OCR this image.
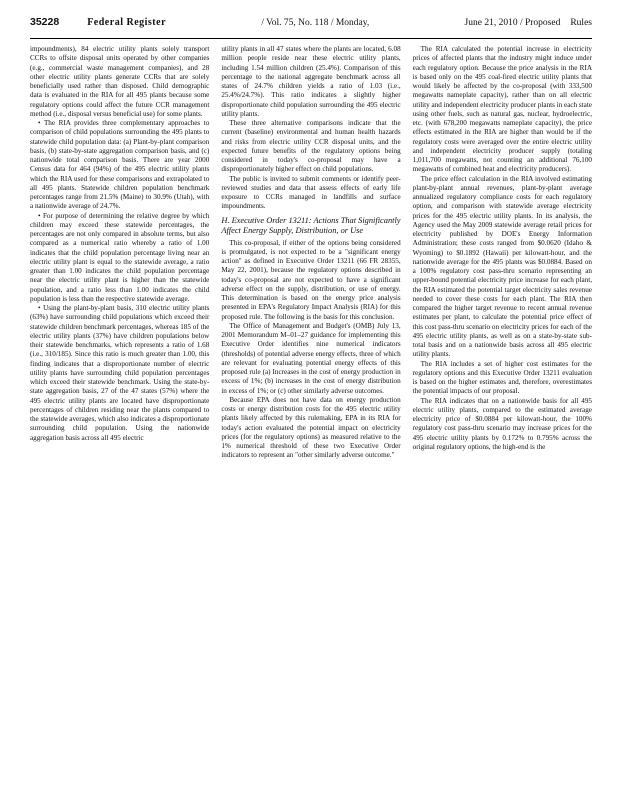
35228	Federal Register	/ Vol. 75, No. 118 / Monday,	June 21, 2010 / Proposed Rules

impoundments), 84 electric utility plants solely transport CCRs to offsite disposal units operated by other companies (e.g., commercial waste management companies), and 28 other electric utility plants generate CCRs that are solely beneficially used rather than disposed. Child demographic data is evaluated in the RIA for all 495 plants because some regulatory options could affect the future CCR management method (i.e., disposal versus beneficial use) for some plants.

• The RIA provides three complementary approaches to comparison of child populations surrounding the 495 plants to statewide child population data: (a) Plant-by-plant comparison basis, (b) state-by-state aggregation comparison basis, and (c) nationwide total comparison basis. There are year 2000 Census data for 464 (94%) of the 495 electric utility plants which the RIA used for these comparisons and extrapolated to all 495 plants. Statewide children population benchmark percentages range from 21.5% (Maine) to 30.9% (Utah), with a nationwide average of 24.7%.

• For purpose of determining the relative degree by which children may exceed these statewide percentages, the percentages are not only compared in absolute terms, but also compared as a numerical ratio whereby a ratio of 1.00 indicates that the child population percentage living near an electric utility plant is equal to the statewide average, a ratio greater than 1.00 indicates the child population percentage near the electric utility plant is higher than the statewide population, and a ratio less than 1.00 indicates the child population is less than the respective statewide average.

• Using the plant-by-plant basis, 310 electric utility plants (63%) have surrounding child populations which exceed their statewide children benchmark percentages, whereas 185 of the electric utility plants (37%) have children populations below their statewide benchmarks, which represents a ratio of 1.68 (i.e., 310/185). Since this ratio is much greater than 1.00, this finding indicates that a disproportionate number of electric utility plants have surrounding child population percentages which exceed their statewide benchmark. Using the state-by-state aggregation basis, 27 of the 47 states (57%) where the 495 electric utility plants are located have disproportionate percentages of children residing near the plants compared to the statewide averages, which also indicates a disproportionate surrounding child population. Using the nationwide aggregation basis across all 495 electric

utility plants in all 47 states where the plants are located, 6.08 million people reside near these electric utility plants, including 1.54 million children (25.4%). Comparison of this percentage to the national aggregate benchmark across all states of 24.7% children yields a ratio of 1.03 (i.e., 25.4%/24.7%). This ratio indicates a slightly higher disproportionate child population surrounding the 495 electric utility plants.

These three alternative comparisons indicate that the current (baseline) environmental and human health hazards and risks from electric utility CCR disposal units, and the expected future benefits of the regulatory options being considered in today's co-proposal may have a disproportionately higher effect on child populations.

The public is invited to submit comments or identify peer-reviewed studies and data that assess effects of early life exposure to CCRs managed in landfills and surface impoundments.

H. Executive Order 13211: Actions That Significantly Affect Energy Supply, Distribution, or Use

This co-proposal, if either of the options being considered is promulgated, is not expected to be a "significant energy action" as defined in Executive Order 13211 (66 FR 28355, May 22, 2001), because the regulatory options described in today's co-proposal are not expected to have a significant adverse effect on the supply, distribution, or use of energy. This determination is based on the energy price analysis presented in EPA's Regulatory Impact Analysis (RIA) for this proposed rule. The following is the basis for this conclusion.

The Office of Management and Budget's (OMB) July 13, 2001 Memorandum M–01–27 guidance for implementing this Executive Order identifies nine numerical indicators (thresholds) of potential adverse energy effects, three of which are relevant for evaluating potential energy effects of this proposed rule (a) Increases in the cost of energy production in excess of 1%; (b) increases in the cost of energy distribution in excess of 1%; or (c) other similarly adverse outcomes.

Because EPA does not have data on energy production costs or energy distribution costs for the 495 electric utility plants likely affected by this rulemaking, EPA in its RIA for today's action evaluated the potential impact on electricity prices (for the regulatory options) as measured relative to the 1% numerical threshold of these two Executive Order indicators to represent an "other similarly adverse outcome."

The RIA calculated the potential increase in electricity prices of affected plants that the industry might induce under each regulatory option. Because the price analysis in the RIA is based only on the 495 coal-fired electric utility plants that would likely be affected by the co-proposal (with 333,500 megawatts nameplate capacity), rather than on all electric utility and independent electricity producer plants in each state using other fuels, such as natural gas, nuclear, hydroelectric, etc. (with 678,200 megawatts nameplate capacity), the price effects estimated in the RIA are higher than would be if the regulatory costs were averaged over the entire electric utility and independent electricity producer supply (totaling 1,011,700 megawatts, not counting an additional 76,100 megawatts of combined heat and electricity producers).

The price effect calculation in the RIA involved estimating plant-by-plant annual revenues, plant-by-plant average annualized regulatory compliance costs for each regulatory option, and comparison with statewide average electricity prices for the 495 electric utility plants. In its analysis, the Agency used the May 2009 statewide average retail prices for electricity published by DOE's Energy Information Administration; these costs ranged from $0.0620 (Idaho & Wyoming) to $0.1892 (Hawaii) per kilowatt-hour, and the nationwide average for the 495 plants was $0.0884. Based on a 100% regulatory cost pass-thru scenario representing an upper-bound potential electricity price increase for each plant, the RIA estimated the potential target electricity sales revenue needed to cover these costs for each plant. The RIA then compared the higher target revenue to recent annual revenue estimates per plant, to calculate the potential price effect of this cost pass-thru scenario on electricity prices for each of the 495 electric utility plants, as well as on a state-by-state sub-total basis and on a nationwide basis across all 495 electric utility plants.

The RIA includes a set of higher cost estimates for the regulatory options and this Executive Order 13211 evaluation is based on the higher estimates and, therefore, overestimates the potential impacts of our proposal.

The RIA indicates that on a nationwide basis for all 495 electric utility plants, compared to the estimated average electricity price of $0.0884 per kilowatt-hour, the 100% regulatory cost pass-thru scenario may increase prices for the 495 electric utility plants by 0.172% to 0.795% across the original regulatory options, the high-end is the
